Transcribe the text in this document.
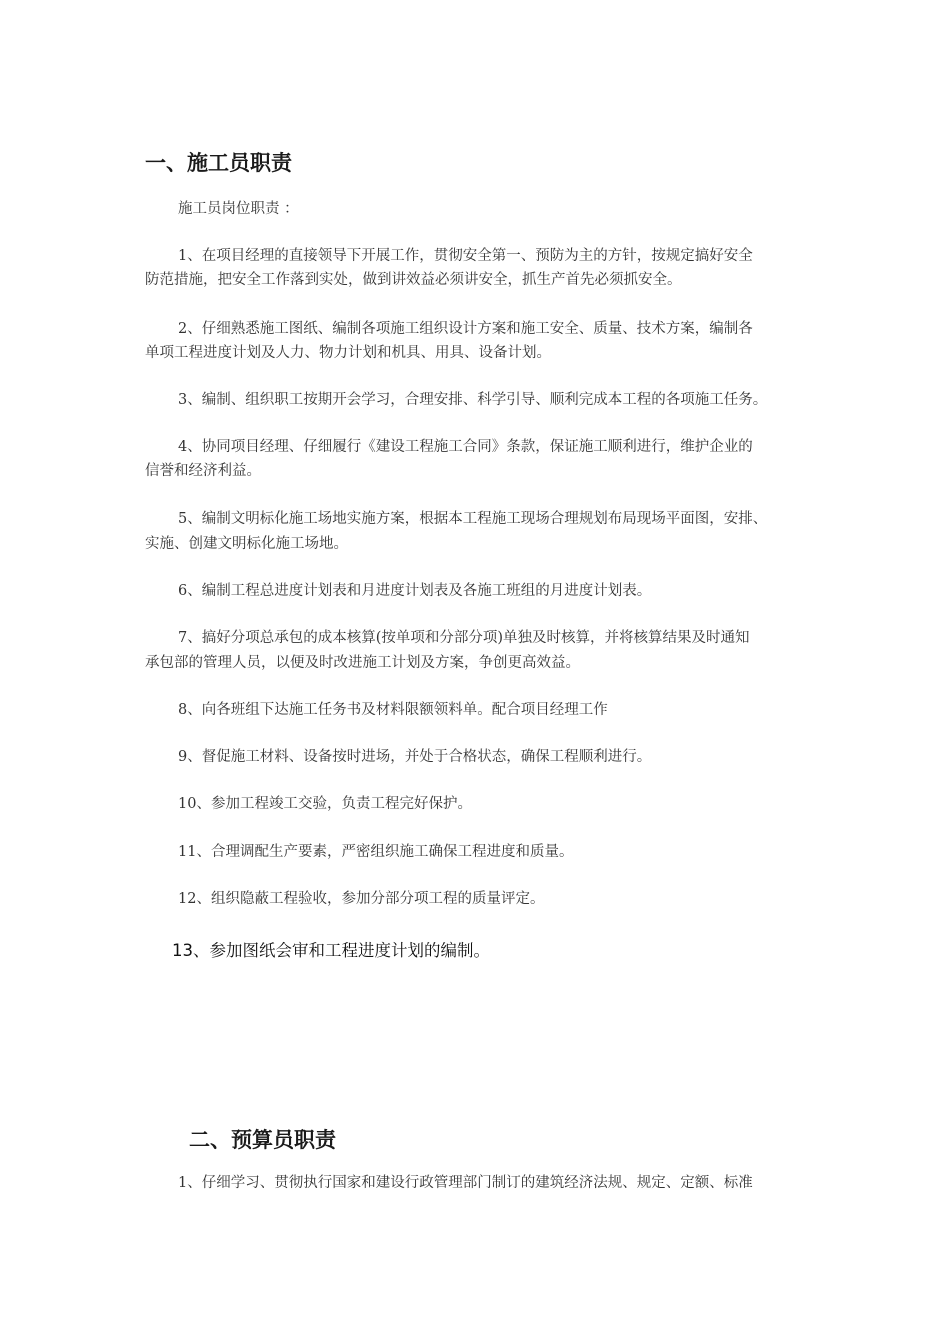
一、施工员职责
施工员岗位职责 ：
1、在项目经理的直接领导下开展工作，贯彻安全第一、预防为主的方针，按规定搞好安全
防范措施，把安全工作落到实处，做到讲效益必须讲安全，抓生产首先必须抓安全。
2、仔细熟悉施工图纸、编制各项施工组织设计方案和施工安全、质量、技术方案，编制各
单项工程进度计划及人力、物力计划和机具、用具、设备计划。
3、编制、组织职工按期开会学习，合理安排、科学引导、顺利完成本工程的各项施工任务。
4、协同项目经理、仔细履行《建设工程施工合同》条款，保证施工顺利进行，维护企业的
信誉和经济利益。
5、编制文明标化施工场地实施方案，根据本工程施工现场合理规划布局现场平面图，安排、
实施、创建文明标化施工场地。
6、编制工程总进度计划表和月进度计划表及各施工班组的月进度计划表。
7、搞好分项总承包的成本核算(按单项和分部分项)单独及时核算，并将核算结果及时通知
承包部的管理人员，以便及时改进施工计划及方案，争创更高效益。
8、向各班组下达施工任务书及材料限额领料单。配合项目经理工作
9、督促施工材料、设备按时进场，并处于合格状态，确保工程顺利进行。
10、参加工程竣工交验，负责工程完好保护。
11、合理调配生产要素，严密组织施工确保工程进度和质量。
12、组织隐蔽工程验收，参加分部分项工程的质量评定。
13、参加图纸会审和工程进度计划的编制。
二、预算员职责
1、仔细学习、贯彻执行国家和建设行政管理部门制订的建筑经济法规、规定、定额、标准
